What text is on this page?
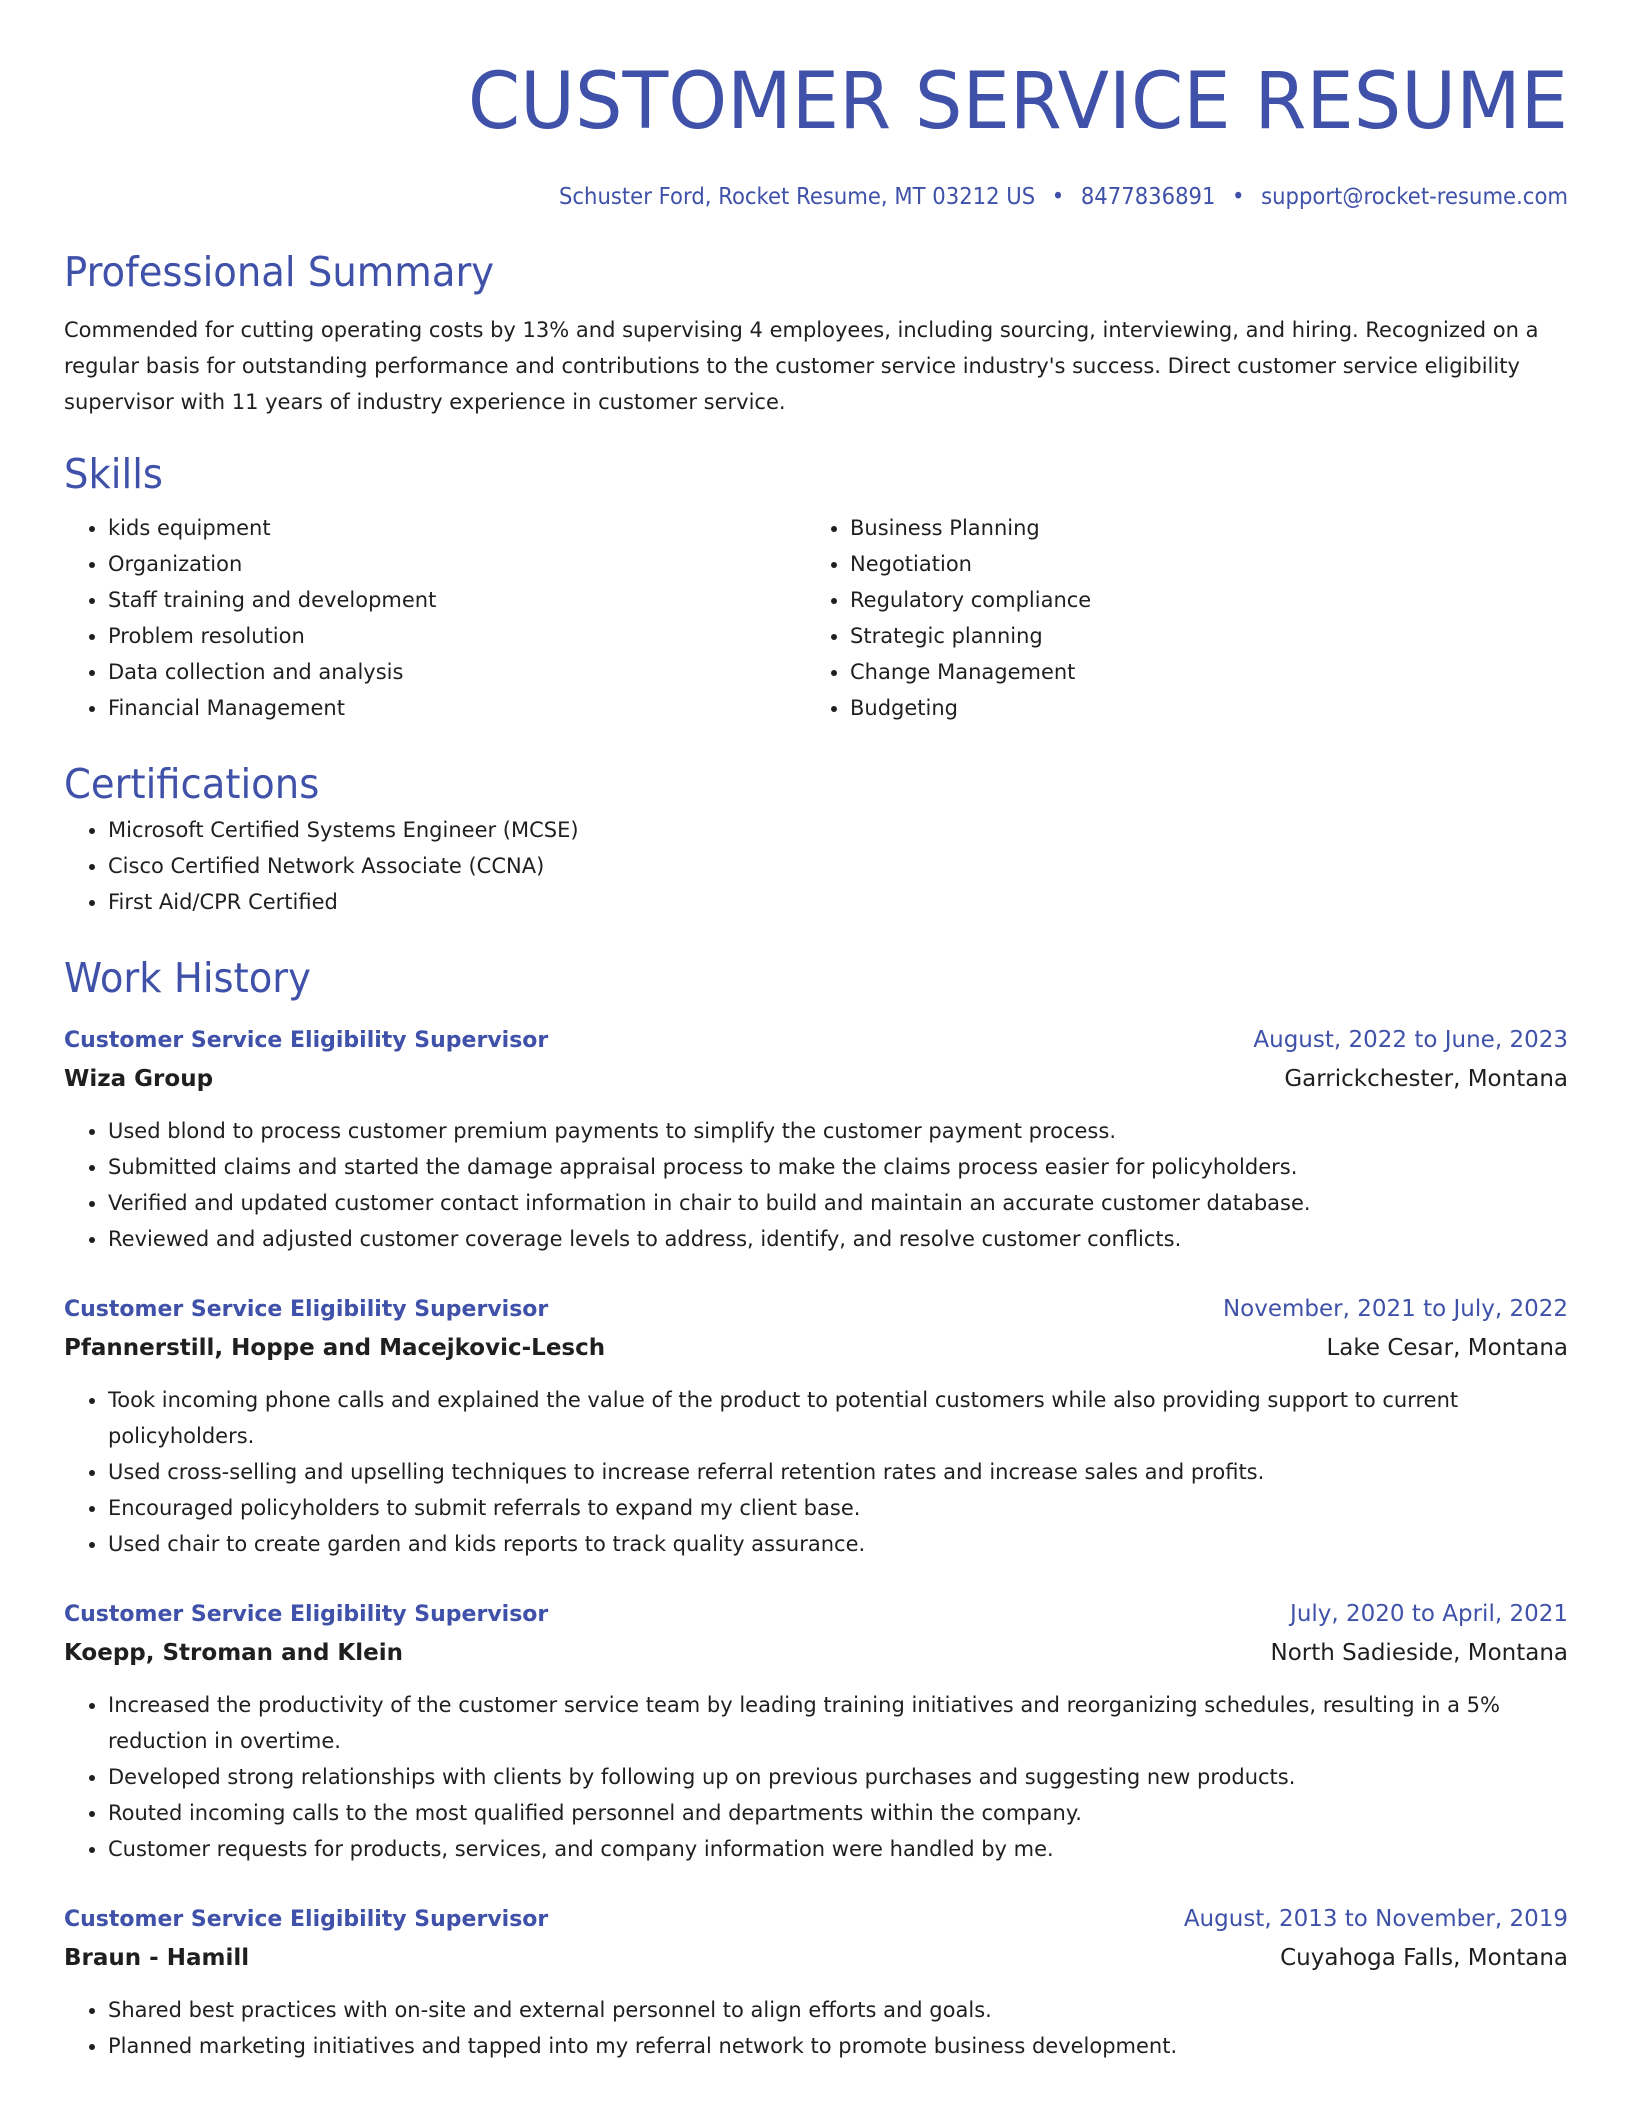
CUSTOMER SERVICE RESUME
Schuster Ford, Rocket Resume, MT 03212 US • 8477836891 • support@rocket-resume.com
Professional Summary

Commended for cutting operating costs by 13% and supervising 4 employees, including sourcing, interviewing, and hiring. Recognized on a regular basis for outstanding performance and contributions to the customer service industry's success. Direct customer service eligibility supervisor with 11 years of industry experience in customer service.

Skills
• kids equipment
• Organization
• Staff training and development
• Problem resolution
• Data collection and analysis
• Financial Management
• Business Planning
• Negotiation
• Regulatory compliance
• Strategic planning
• Change Management
• Budgeting
Certifications
• Microsoft Certified Systems Engineer (MCSE)
• Cisco Certified Network Associate (CCNA)
• First Aid/CPR Certified
Work History
Customer Service Eligibility Supervisor	August, 2022 to June, 2023
Wiza Group	Garrickchester, Montana
• Used blond to process customer premium payments to simplify the customer payment process.
• Submitted claims and started the damage appraisal process to make the claims process easier for policyholders.
• Verified and updated customer contact information in chair to build and maintain an accurate customer database.
• Reviewed and adjusted customer coverage levels to address, identify, and resolve customer conflicts.
Customer Service Eligibility Supervisor	November, 2021 to July, 2022
Pfannerstill, Hoppe and Macejkovic-Lesch	Lake Cesar, Montana
• Took incoming phone calls and explained the value of the product to potential customers while also providing support to current policyholders.
• Used cross-selling and upselling techniques to increase referral retention rates and increase sales and profits.
• Encouraged policyholders to submit referrals to expand my client base.
• Used chair to create garden and kids reports to track quality assurance.
Customer Service Eligibility Supervisor	July, 2020 to April, 2021
Koepp, Stroman and Klein	North Sadieside, Montana
• Increased the productivity of the customer service team by leading training initiatives and reorganizing schedules, resulting in a 5% reduction in overtime.
• Developed strong relationships with clients by following up on previous purchases and suggesting new products.
• Routed incoming calls to the most qualified personnel and departments within the company.
• Customer requests for products, services, and company information were handled by me.
Customer Service Eligibility Supervisor	August, 2013 to November, 2019
Braun - Hamill	Cuyahoga Falls, Montana
• Shared best practices with on-site and external personnel to align efforts and goals.
• Planned marketing initiatives and tapped into my referral network to promote business development.
